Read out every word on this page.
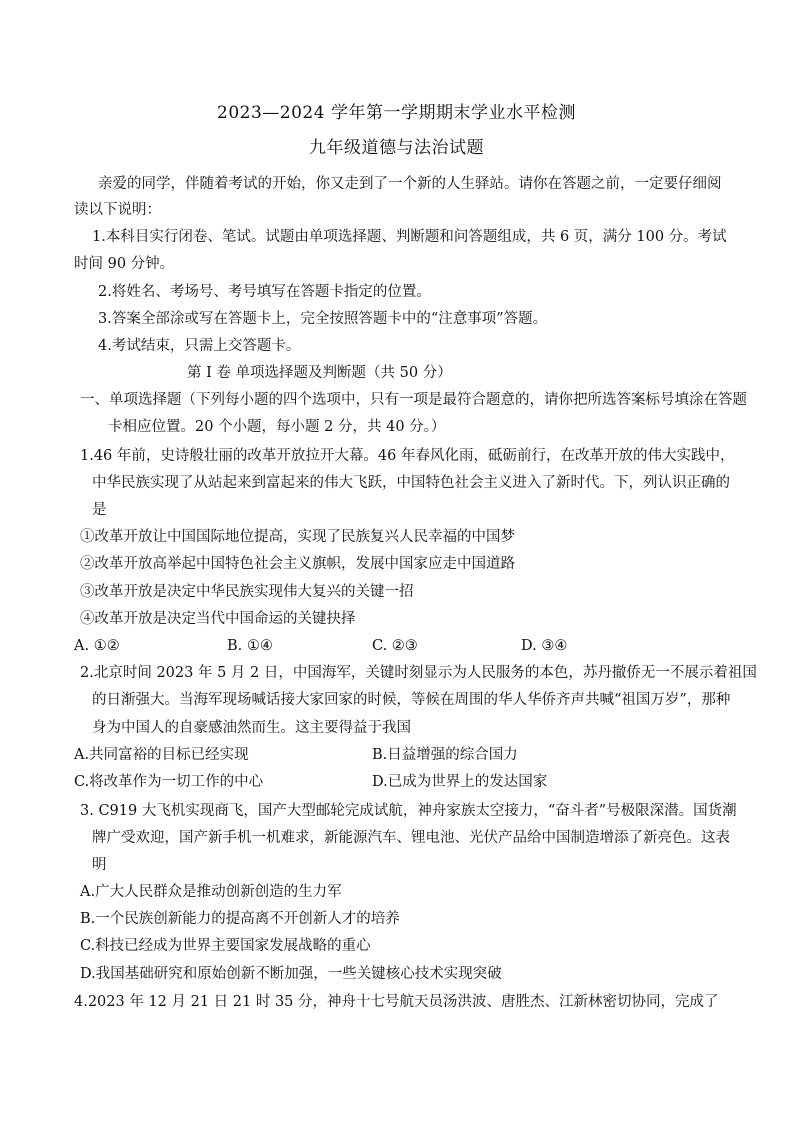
2023—2024 学年第一学期期末学业水平检测
九年级道德与法治试题
亲爱的同学，伴随着考试的开始，你又走到了一个新的人生驿站。请你在答题之前，一定要仔细阅
读以下说明：
1.本科目实行闭卷、笔试。试题由单项选择题、判断题和问答题组成，共 6 页，满分 100 分。考试
时间 90 分钟。
2.将姓名、考场号、考号填写在答题卡指定的位置。
3.答案全部涂或写在答题卡上，完全按照答题卡中的“注意事项”答题。
4.考试结束，只需上交答题卡。
第 Ⅰ 卷 单项选择题及判断题（共 50 分）
一、单项选择题（下列每小题的四个选项中，只有一项是最符合题意的，请你把所选答案标号填涂在答题
卡相应位置。20 个小题，每小题 2 分，共 40 分。）
1.46 年前，史诗般壮丽的改革开放拉开大幕。46 年春风化雨，砥砺前行，在改革开放的伟大实践中，
中华民族实现了从站起来到富起来的伟大飞跃，中国特色社会主义进入了新时代。下，列认识正确的
是
①改革开放让中国国际地位提高，实现了民族复兴人民幸福的中国梦
②改革开放高举起中国特色社会主义旗帜，发展中国家应走中国道路
③改革开放是决定中华民族实现伟大复兴的关键一招
④改革开放是决定当代中国命运的关键抉择
A. ①②	B. ①④	C. ②③	D. ③④
2.北京时间 2023 年 5 月 2 日，中国海军，关键时刻显示为人民服务的本色，苏丹撤侨无一不展示着祖国
的日渐强大。当海军现场喊话接大家回家的时候，等候在周围的华人华侨齐声共喊“祖国万岁”，那种
身为中国人的自豪感油然而生。这主要得益于我国
A.共同富裕的目标已经实现	B.日益增强的综合国力
C.将改革作为一切工作的中心	D.已成为世界上的发达国家
3. C919 大飞机实现商飞，国产大型邮轮完成试航，神舟家族太空接力，“奋斗者”号极限深潜。国货潮
牌广受欢迎，国产新手机一机难求，新能源汽车、锂电池、光伏产品给中国制造增添了新亮色。这表
明
A.广大人民群众是推动创新创造的生力军
B.一个民族创新能力的提高离不开创新人才的培养
C.科技已经成为世界主要国家发展战略的重心
D.我国基础研究和原始创新不断加强，一些关键核心技术实现突破
4.2023 年 12 月 21 日 21 时 35 分，神舟十七号航天员汤洪波、唐胜杰、江新林密切协同，完成了
